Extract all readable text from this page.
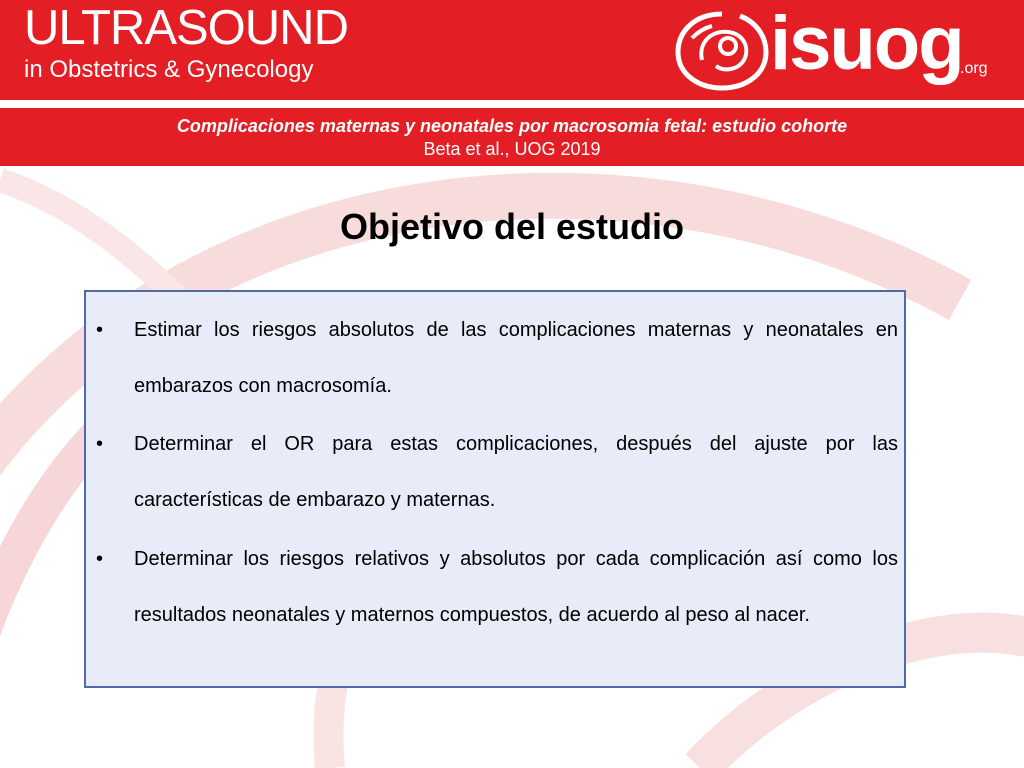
ULTRASOUND
in Obstetrics & Gynecology	isuog
.org
Complicaciones maternas y neonatales por macrosomia fetal: estudio cohorte
Beta et al., UOG 2019
Objetivo del estudio
• Estimar los riesgos absolutos de las complicaciones maternas y neonatales en embarazos con macrosomía.
• Determinar el OR para estas complicaciones, después del ajuste por las características de embarazo y maternas.
• Determinar los riesgos relativos y absolutos por cada complicación así como los resultados neonatales y maternos compuestos, de acuerdo al peso al nacer.
